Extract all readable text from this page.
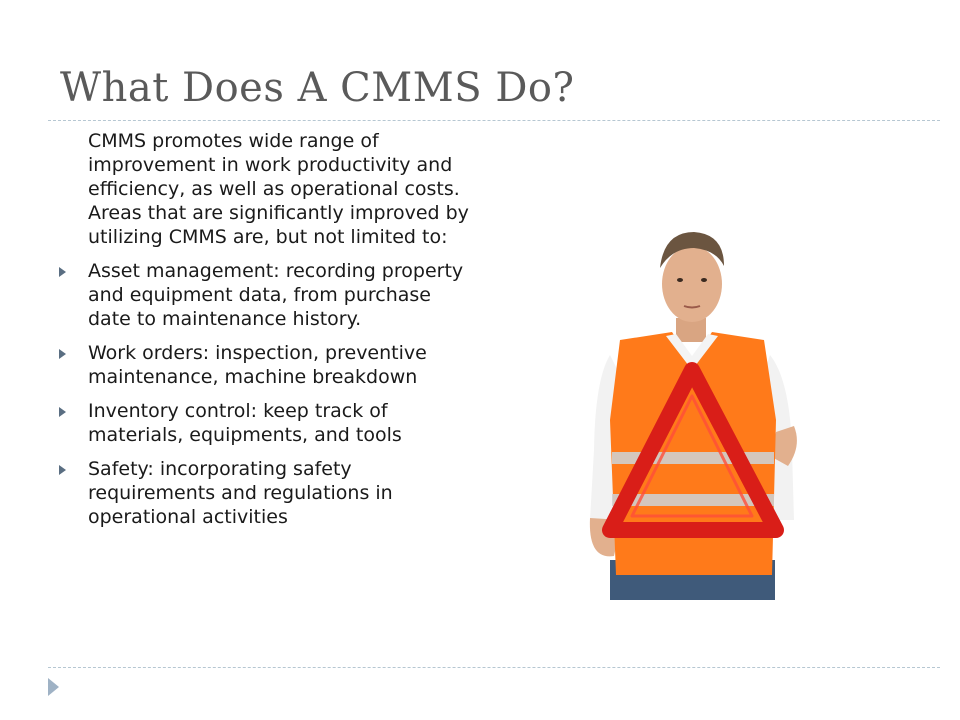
What Does A CMMS Do?

CMMS promotes wide range of improvement in work productivity and efficiency, as well as operational costs. Areas that are significantly improved by utilizing CMMS are, but not limited to:

Asset management: recording property and equipment data, from purchase date to maintenance history.
Work orders: inspection, preventive maintenance, machine breakdown
Inventory control: keep track of materials, equipments, and tools
Safety: incorporating safety requirements and regulations in operational activities
